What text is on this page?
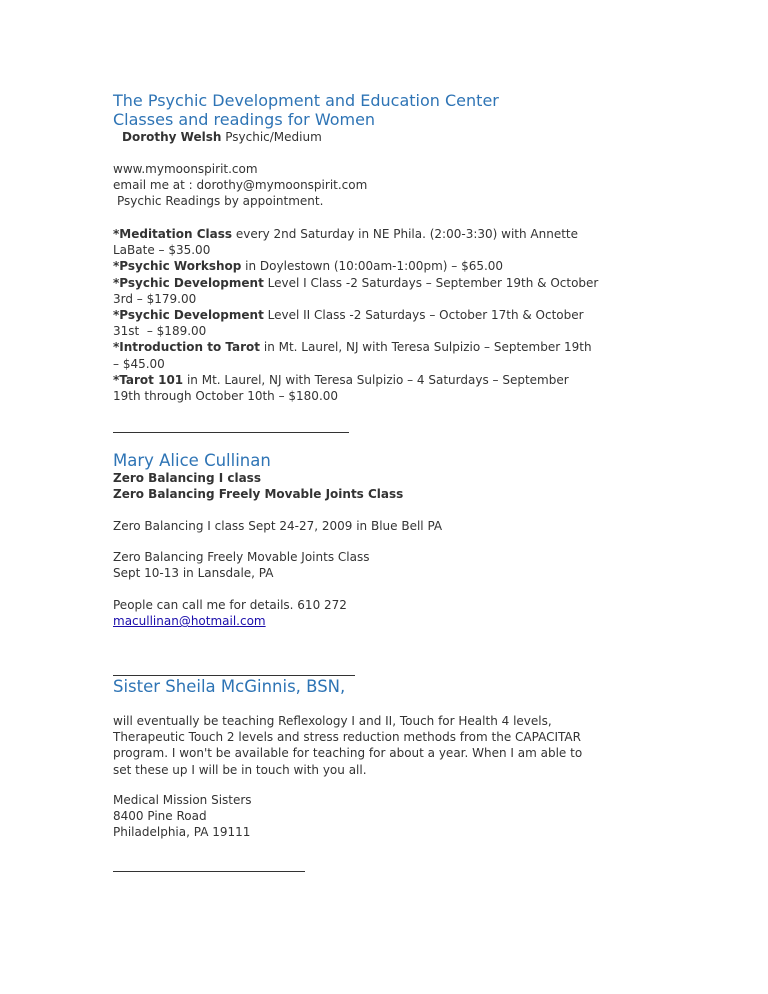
The Psychic Development and Education Center
Classes and readings for Women
Dorothy Welsh Psychic/Medium
www.mymoonspirit.com
email me at : dorothy@mymoonspirit.com
Psychic Readings by appointment.
*Meditation Class every 2nd Saturday in NE Phila. (2:00-3:30) with Annette
LaBate – $35.00
*Psychic Workshop in Doylestown (10:00am-1:00pm) – $65.00
*Psychic Development Level I Class -2 Saturdays – September 19th & October
3rd – $179.00
*Psychic Development Level II Class -2 Saturdays – October 17th & October
31st  – $189.00
*Introduction to Tarot in Mt. Laurel, NJ with Teresa Sulpizio – September 19th
– $45.00
*Tarot 101 in Mt. Laurel, NJ with Teresa Sulpizio – 4 Saturdays – September
19th through October 10th – $180.00
Mary Alice Cullinan
Zero Balancing I class
Zero Balancing Freely Movable Joints Class
Zero Balancing I class Sept 24-27, 2009 in Blue Bell PA
Zero Balancing Freely Movable Joints Class
Sept 10-13 in Lansdale, PA
People can call me for details. 610 272
macullinan@hotmail.com
Sister Sheila McGinnis, BSN,
will eventually be teaching Reflexology I and II, Touch for Health 4 levels,
Therapeutic Touch 2 levels and stress reduction methods from the CAPACITAR
program. I won't be available for teaching for about a year. When I am able to
set these up I will be in touch with you all.
Medical Mission Sisters
8400 Pine Road
Philadelphia, PA 19111
